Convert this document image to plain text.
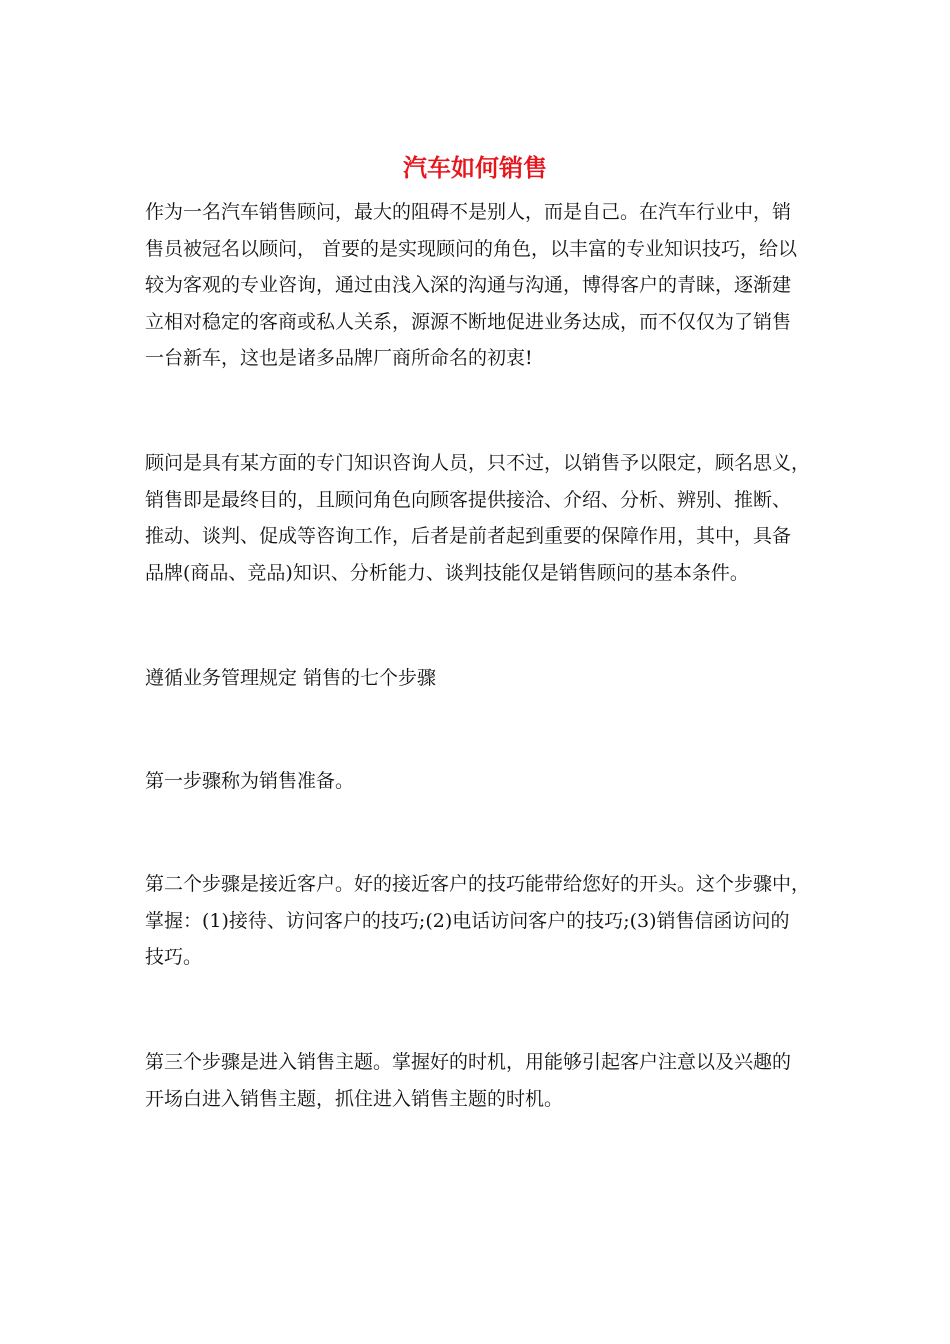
汽车如何销售

作为一名汽车销售顾问，最大的阻碍不是别人，而是自己。在汽车行业中，销
售员被冠名以顾问， 首要的是实现顾问的角色，以丰富的专业知识技巧，给以
较为客观的专业咨询，通过由浅入深的沟通与沟通，博得客户的青睐，逐渐建
立相对稳定的客商或私人关系，源源不断地促进业务达成，而不仅仅为了销售
一台新车，这也是诸多品牌厂商所命名的初衷!

顾问是具有某方面的专门知识咨询人员，只不过，以销售予以限定，顾名思义，
销售即是最终目的，且顾问角色向顾客提供接洽、介绍、分析、辨别、推断、
推动、谈判、促成等咨询工作，后者是前者起到重要的保障作用，其中，具备
品牌(商品、竞品)知识、分析能力、谈判技能仅是销售顾问的基本条件。

遵循业务管理规定 销售的七个步骤

第一步骤称为销售准备。

第二个步骤是接近客户。好的接近客户的技巧能带给您好的开头。这个步骤中，
掌握：(1)接待、访问客户的技巧;(2)电话访问客户的技巧;(3)销售信函访问的
技巧。

第三个步骤是进入销售主题。掌握好的时机，用能够引起客户注意以及兴趣的
开场白进入销售主题，抓住进入销售主题的时机。
